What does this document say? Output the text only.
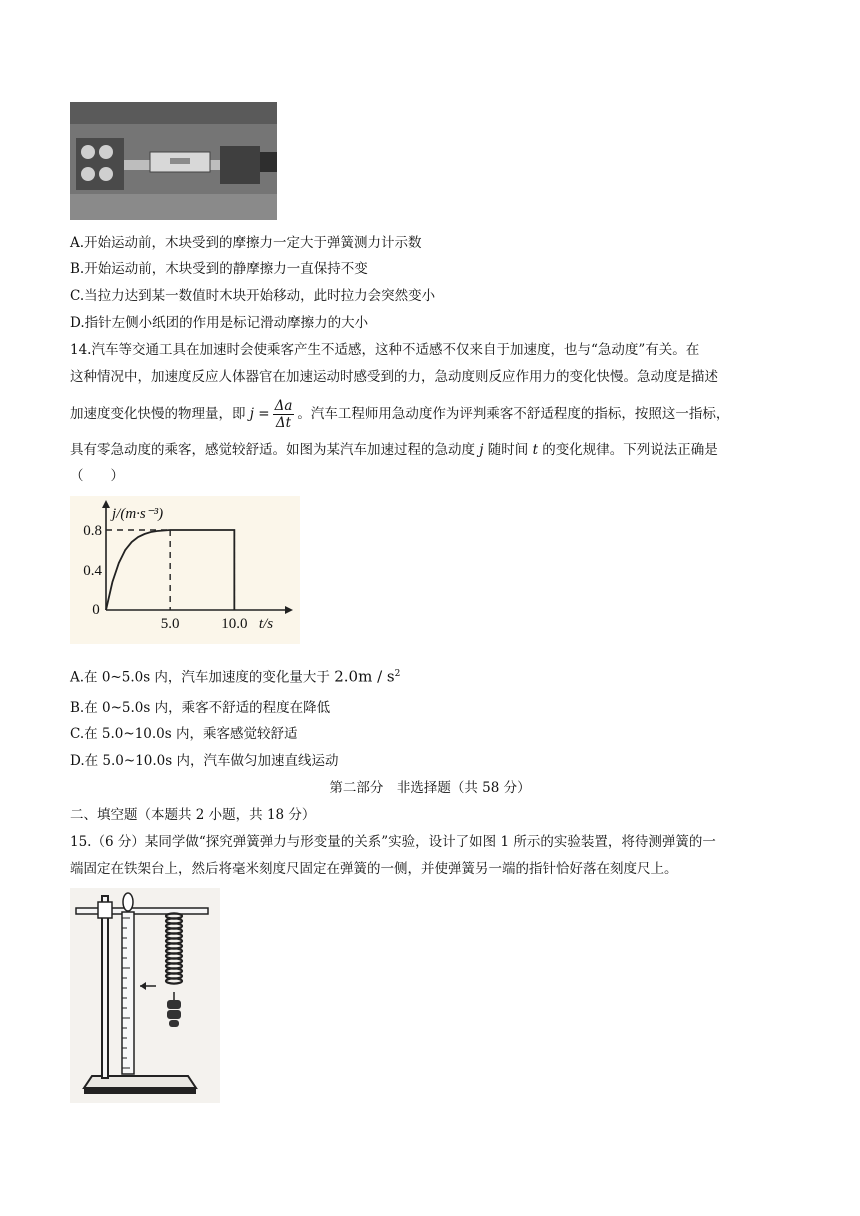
A.开始运动前，木块受到的摩擦力一定大于弹簧测力计示数
B.开始运动前，木块受到的静摩擦力一直保持不变
C.当拉力达到某一数值时木块开始移动，此时拉力会突然变小
D.指针左侧小纸团的作用是标记滑动摩擦力的大小
14.汽车等交通工具在加速时会使乘客产生不适感，这种不适感不仅来自于加速度，也与“急动度”有关。在
这种情况中，加速度反应人体器官在加速运动时感受到的力，急动度则反应作用力的变化快慢。急动度是描述
加速度变化快慢的物理量，即 $j = \frac{\Delta a}{\Delta t}$ 。汽车工程师用急动度作为评判乘客不舒适程度的指标，按照这一指标，
具有零急动度的乘客，感觉较舒适。如图为某汽车加速过程的急动度 j 随时间 t 的变化规律。下列说法正确是
（　　）
0
5.0	10.0
0.4
0.8
t/s
j/(m·s⁻³)
A.在 0~5.0s 内，汽车加速度的变化量大于 $2.0m / s^2$
B.在 0~5.0s 内，乘客不舒适的程度在降低
C.在 5.0~10.0s 内，乘客感觉较舒适
D.在 5.0~10.0s 内，汽车做匀加速直线运动
第二部分　非选择题（共 58 分）
二、填空题（本题共 2 小题，共 18 分）
15.（6 分）某同学做“探究弹簧弹力与形变量的关系”实验，设计了如图 1 所示的实验装置，将待测弹簧的一
端固定在铁架台上，然后将毫米刻度尺固定在弹簧的一侧，并使弹簧另一端的指针恰好落在刻度尺上。
